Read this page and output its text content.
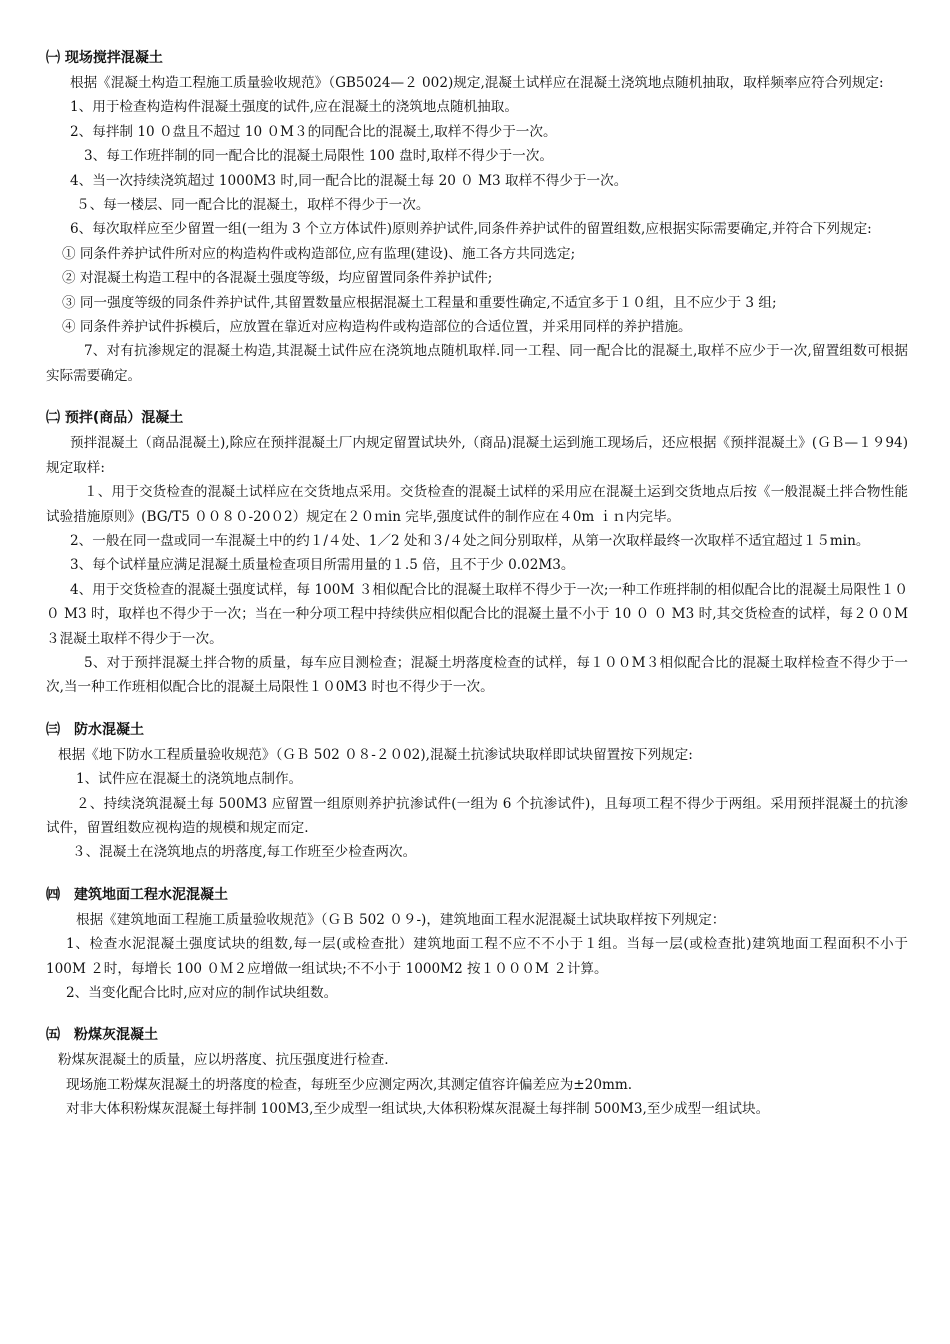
㈠ 现场搅拌混凝土

根据《混凝土构造工程施工质量验收规范》（GB5024—２ 002)规定,混凝土试样应在混凝土浇筑地点随机抽取，取样频率应符合列规定:

1、用于检查构造构件混凝土强度的试件,应在混凝土的浇筑地点随机抽取。

2、每拌制 10 ０盘且不超过 10 ０M３的同配合比的混凝土,取样不得少于一次。

3、每工作班拌制的同一配合比的混凝土局限性 100 盘时,取样不得少于一次。

4、当一次持续浇筑超过 1000M3 时,同一配合比的混凝土每 20 ０ M3 取样不得少于一次。

５、每一楼层、同一配合比的混凝土，取样不得少于一次。

6、每次取样应至少留置一组(一组为 3 个立方体试件)原则养护试件,同条件养护试件的留置组数,应根据实际需要确定,并符合下列规定:

① 同条件养护试件所对应的构造构件或构造部位,应有监理(建设)、施工各方共同选定;

② 对混凝土构造工程中的各混凝土强度等级，均应留置同条件养护试件;

③ 同一强度等级的同条件养护试件,其留置数量应根据混凝土工程量和重要性确定,不适宜多于１０组，且不应少于 3 组;

④ 同条件养护试件拆模后，应放置在靠近对应构造构件或构造部位的合适位置，并采用同样的养护措施。

7、对有抗渗规定的混凝土构造,其混凝土试件应在浇筑地点随机取样.同一工程、同一配合比的混凝土,取样不应少于一次,留置组数可根据实际需要确定。

㈡ 预拌(商品）混凝土

预拌混凝土（商品混凝土),除应在预拌混凝土厂内规定留置试块外,（商品)混凝土运到施工现场后，还应根据《预拌混凝土》(ＧＢ—１９94)规定取样:

１、用于交货检查的混凝土试样应在交货地点采用。交货检查的混凝土试样的采用应在混凝土运到交货地点后按《一般混凝土拌合物性能试验措施原则》(BG/T5 ００８０-20０2）规定在２０ｍin 完毕,强度试件的制作应在４0m ｉｎ内完毕。

2、一般在同一盘或同一车混凝土中的约１/４处、1／2 处和３/４处之间分别取样，从第一次取样最终一次取样不适宜超过１５min。

3、每个试样量应满足混凝土质量检查项目所需用量的１.5 倍，且不于少 0.02M3。

4、用于交货检查的混凝土强度试样，每 100M ３相似配合比的混凝土取样不得少于一次;一种工作班拌制的相似配合比的混凝土局限性１００ M3 时，取样也不得少于一次；当在一种分项工程中持续供应相似配合比的混凝土量不小于 10 ０ ０ M3 时,其交货检查的试样，每２００M３混凝土取样不得少于一次。

5、对于预拌混凝土拌合物的质量，每车应目测检查；混凝土坍落度检查的试样，每１００M３相似配合比的混凝土取样检查不得少于一次,当一种工作班相似配合比的混凝土局限性１０0M3 时也不得少于一次。

㈢　防水混凝土

根据《地下防水工程质量验收规范》（ＧＢ 502 ０８-２０02),混凝土抗渗试块取样即试块留置按下列规定:

1、试件应在混凝土的浇筑地点制作。

２、持续浇筑混凝土每 500M3 应留置一组原则养护抗渗试件(一组为 6 个抗渗试件)，且每项工程不得少于两组。采用预拌混凝土的抗渗试件，留置组数应视构造的规模和规定而定.

３、混凝土在浇筑地点的坍落度,每工作班至少检查两次。

㈣　建筑地面工程水泥混凝土

根据《建筑地面工程施工质量验收规范》（ＧＢ 502 ０９-)，建筑地面工程水泥混凝土试块取样按下列规定：

1、检查水泥混凝土强度试块的组数,每一层(或检查批）建筑地面工程不应不不小于１组。当每一层(或检查批)建筑地面工程面积不小于 100M ２时，每增长 100 ０Ｍ２应增做一组试块;不不小于 1000M2 按１０００M ２计算。

2、当变化配合比时,应对应的制作试块组数。

㈤　粉煤灰混凝土

粉煤灰混凝土的质量，应以坍落度、抗压强度进行检查.

现场施工粉煤灰混凝土的坍落度的检查，每班至少应测定两次,其测定值容许偏差应为±20mm.

对非大体积粉煤灰混凝土每拌制 100M3,至少成型一组试块,大体积粉煤灰混凝土每拌制 500M3,至少成型一组试块。
